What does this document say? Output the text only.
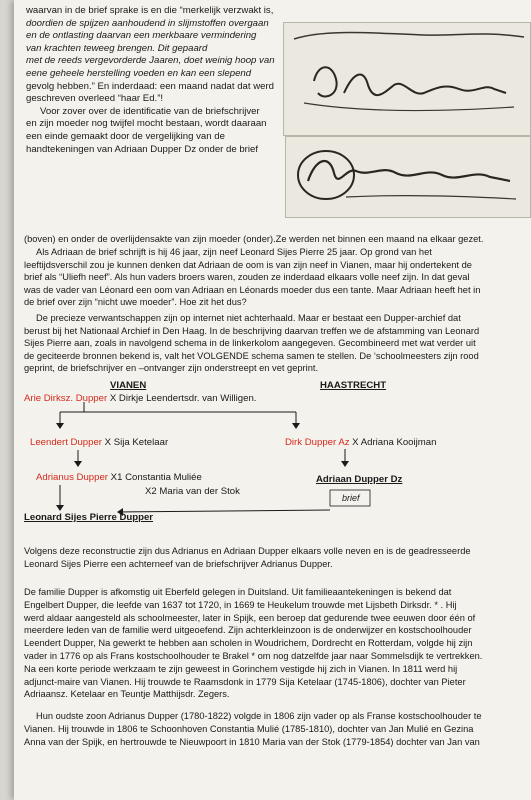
waarvan in de brief sprake is en die “merkelijk verzwakt is,
doordien de spijzen aanhoudend in slijmstoffen overgaan
en de ontlasting daarvan een merkbaare vermindering
van krachten teweeg brengen. Dit gepaard
met de reeds vergevorderde Jaaren, doet weinig hoop van
eene geheele herstelling voeden en kan een slepend
gevolg hebben.” En inderdaad: een maand nadat dat werd
geschreven overleed “haar Ed.”!
Voor zover over de identificatie van de briefschrijver
en zijn moeder nog twijfel mocht bestaan, wordt daaraan
een einde gemaakt door de vergelijking van de
handtekeningen van Adriaan Dupper Dz onder de brief

(boven) en onder de overlijdensakte van zijn moeder (onder).Ze werden net binnen een maand na elkaar gezet.

Als Adriaan de brief schrijft is hij 46 jaar, zijn neef Leonard Sijes Pierre 25 jaar. Op grond van het
leeftijdsverschil zou je kunnen denken dat Adriaan de oom is van zijn neef in Vianen, maar hij ondertekent de
brief als “Uliefh neef”. Als hun vaders broers waren, zouden ze inderdaad elkaars volle neef zijn. In dat geval
was de vader van Léonard een oom van Adriaan en Léonards moeder dus een tante. Maar Adriaan heeft het in
de brief over zijn “nicht uwe moeder”. Hoe zit het dus?
De precieze verwantschappen zijn op internet niet achterhaald. Maar er bestaat een Dupper-archief dat
berust bij het Nationaal Archief in Den Haag. In de beschrijving daarvan treffen we de afstamming van Leonard
Sijes Pierre aan, zoals in navolgend schema in de linkerkolom aangegeven. Gecombineerd met wat verder uit
de geciteerde bronnen bekend is, valt het VOLGENDE schema samen te stellen. De ‘schoolmeesters zijn rood
geprint, de briefschrijver en –ontvanger zijn onderstreept en vet geprint.
VIANEN	HAASTRECHT
Arie Dirksz. Dupper X Dirkje Leendertsdr. van Willigen.
Leendert Dupper X Sija Ketelaar	Dirk Dupper Az X Adriana Kooijman
Adrianus Dupper X1 Constantia Muliée
X2 Maria van der Stok
Adriaan Dupper Dz
brief
Leonard Sijes Pierre Dupper
Volgens deze reconstructie zijn dus Adrianus en Adriaan Dupper elkaars volle neven en is de geadresseerde
Leonard Sijes Pierre een achterneef van de briefschrijver Adrianus Dupper.
De familie Dupper is afkomstig uit Eberfeld gelegen in Duitsland. Uit familieaantekeningen is bekend dat
Engelbert Dupper, die leefde van 1637 tot 1720, in 1669 te Heukelum trouwde met Lijsbeth Dirksdr. * . Hij
werd aldaar aangesteld als schoolmeester, later in Spijk, een beroep dat gedurende twee eeuwen door één of
meerdere leden van de familie werd uitgeoefend. Zijn achterkleinzoon is de onderwijzer en kostschoolhouder
Leendert Dupper, Na gewerkt te hebben aan scholen in Woudrichem, Dordrecht en Rotterdam, volgde hij zijn
vader in 1776 op als Frans kostschoolhouder te Brakel * om nog datzelfde jaar naar Sommelsdijk te vertrekken.
Na een korte periode werkzaam te zijn geweest in Gorinchem vestigde hij zich in Vianen. In 1811 werd hij
adjunct-maire van Vianen. Hij trouwde te Raamsdonk in 1779 Sija Ketelaar (1745-1806), dochter van Pieter
Adriaansz. Ketelaar en Teuntje Matthijsdr. Zegers.
Hun oudste zoon Adrianus Dupper (1780-1822) volgde in 1806 zijn vader op als Franse kostschoolhouder te
Vianen. Hij trouwde in 1806 te Schoonhoven Constantia Mulié (1785-1810), dochter van Jan Mulié en Gezina
Anna van der Spijk, en hertrouwde te Nieuwpoort in 1810 Maria van der Stok (1779-1854) dochter van Jan van
